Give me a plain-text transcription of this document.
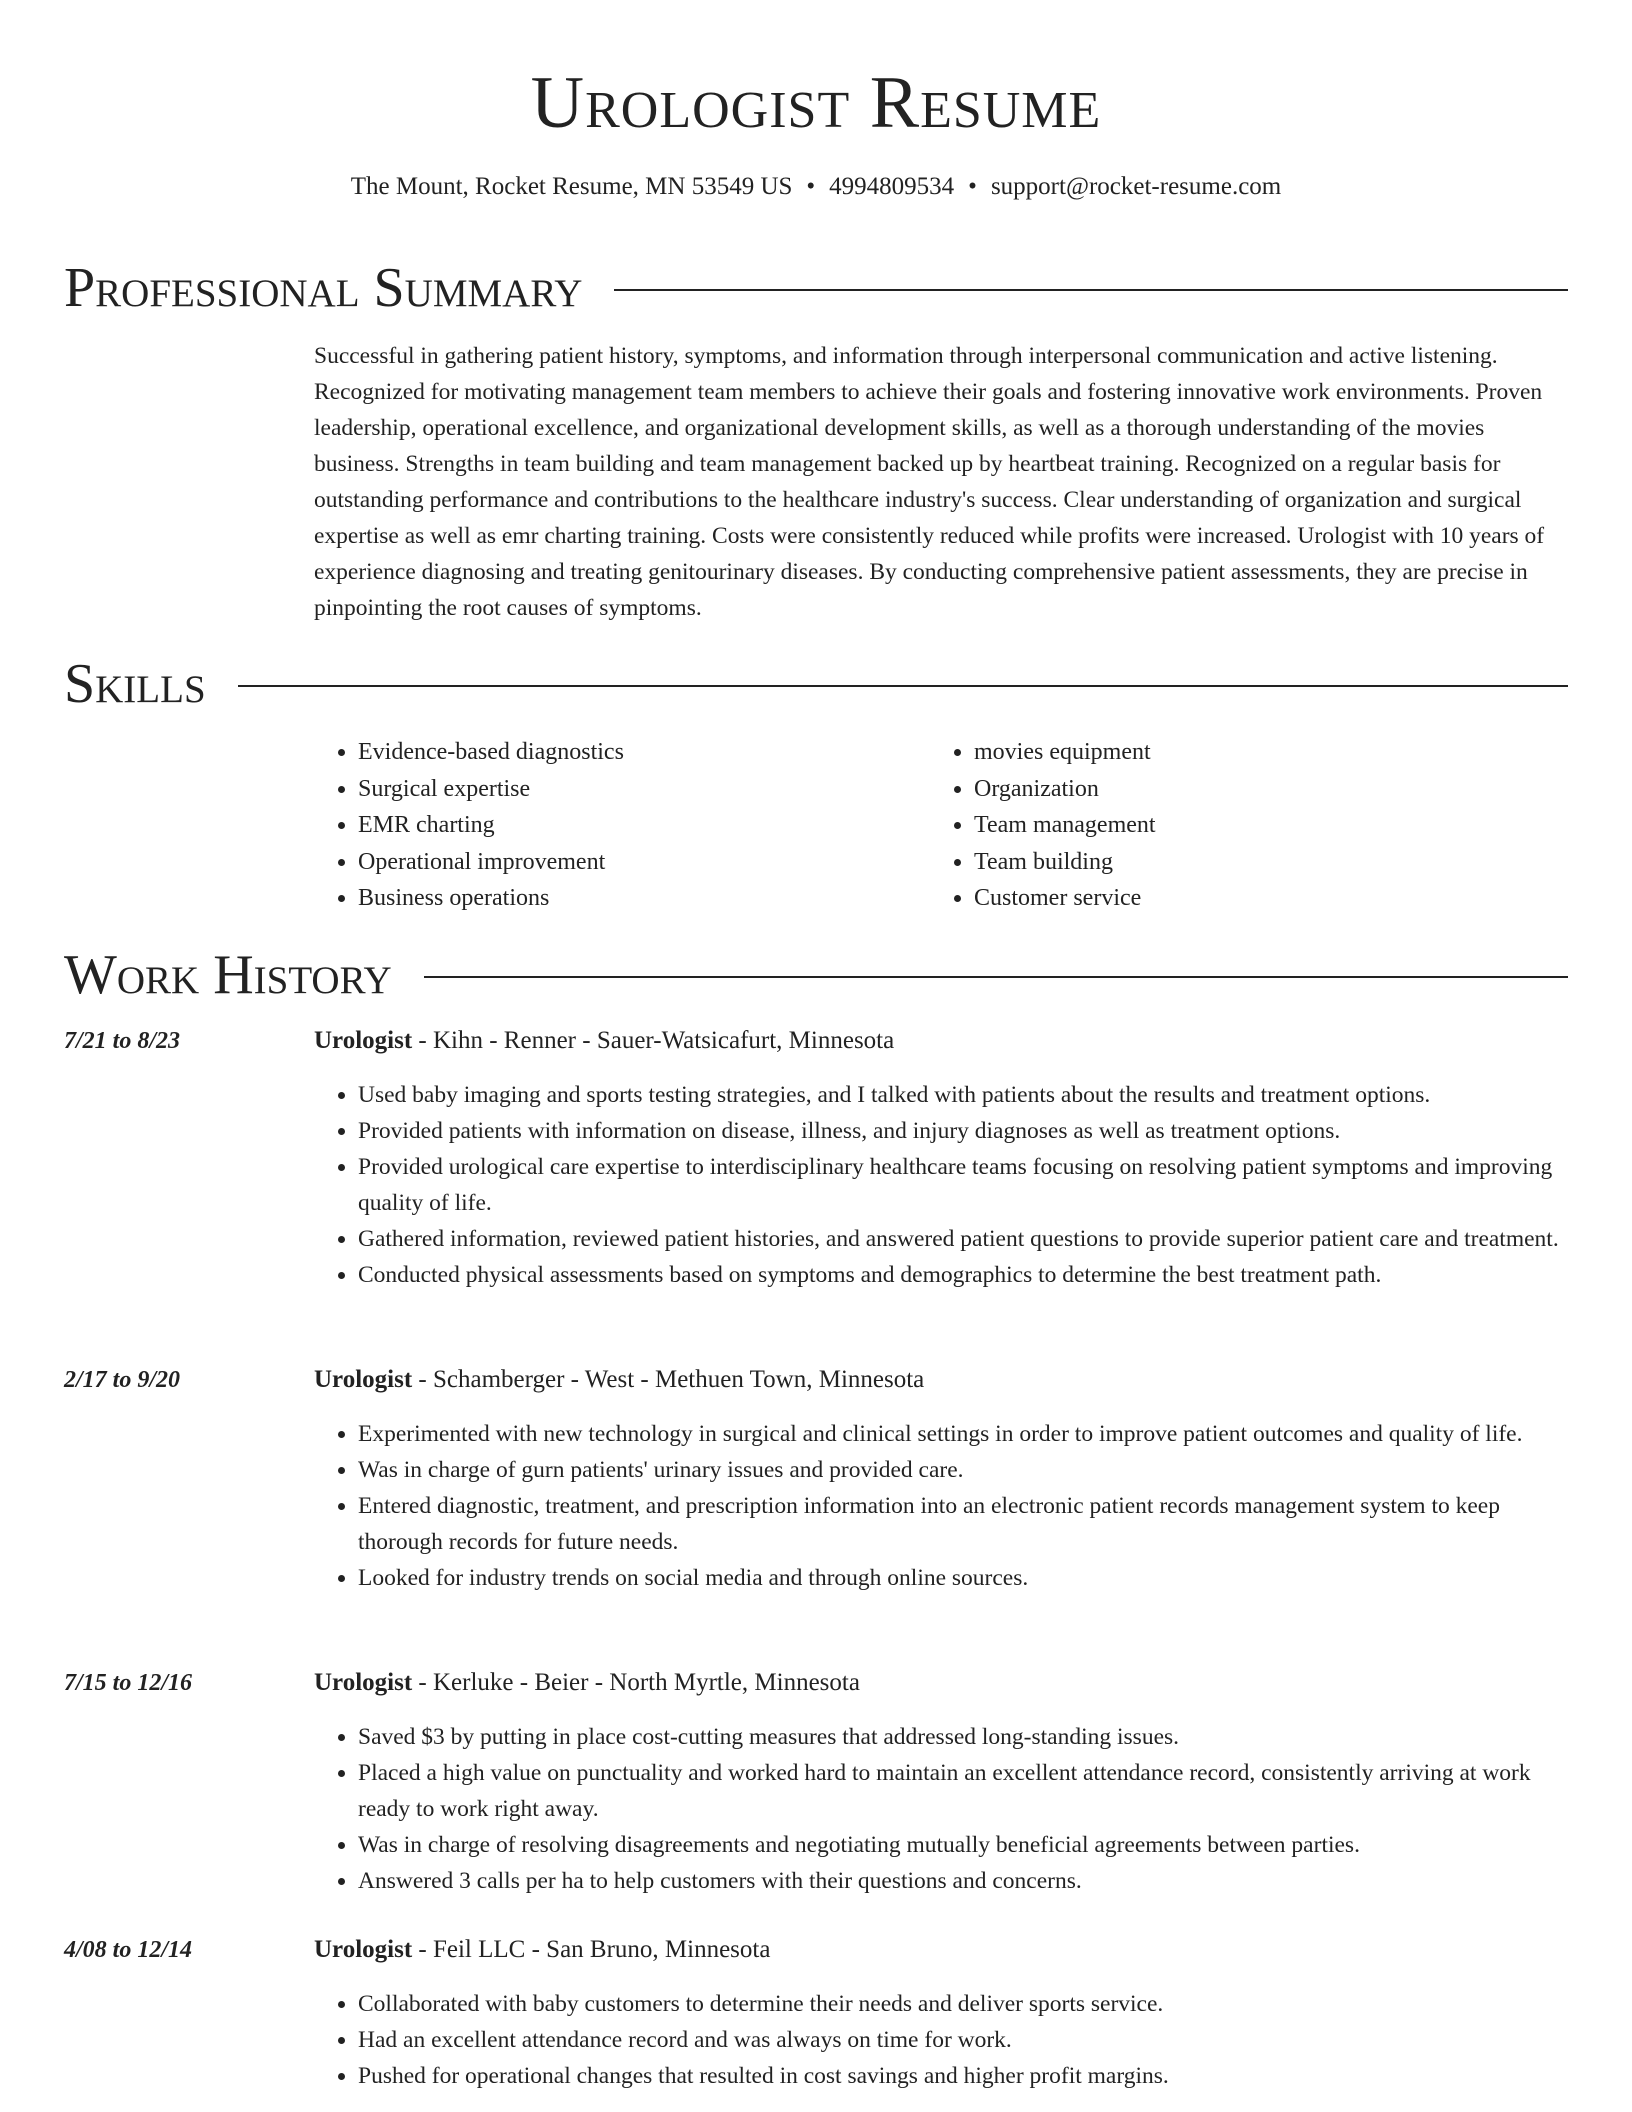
Urologist Resume
The Mount, Rocket Resume, MN 53549 US • 4994809534 • support@rocket-resume.com
Professional Summary

Successful in gathering patient history, symptoms, and information through interpersonal communication and active listening. Recognized for motivating management team members to achieve their goals and fostering innovative work environments. Proven leadership, operational excellence, and organizational development skills, as well as a thorough understanding of the movies business. Strengths in team building and team management backed up by heartbeat training. Recognized on a regular basis for outstanding performance and contributions to the healthcare industry's success. Clear understanding of organization and surgical expertise as well as emr charting training. Costs were consistently reduced while profits were increased. Urologist with 10 years of experience diagnosing and treating genitourinary diseases. By conducting comprehensive patient assessments, they are precise in pinpointing the root causes of symptoms.

Skills
• Evidence-based diagnostics
• Surgical expertise
• EMR charting
• Operational improvement
• Business operations
• movies equipment
• Organization
• Team management
• Team building
• Customer service
Work History
7/21 to 8/23	Urologist - Kihn - Renner - Sauer-Watsicafurt, Minnesota
• Used baby imaging and sports testing strategies, and I talked with patients about the results and treatment options.
• Provided patients with information on disease, illness, and injury diagnoses as well as treatment options.
• Provided urological care expertise to interdisciplinary healthcare teams focusing on resolving patient symptoms and improving quality of life.
• Gathered information, reviewed patient histories, and answered patient questions to provide superior patient care and treatment.
• Conducted physical assessments based on symptoms and demographics to determine the best treatment path.
2/17 to 9/20	Urologist - Schamberger - West - Methuen Town, Minnesota
• Experimented with new technology in surgical and clinical settings in order to improve patient outcomes and quality of life.
• Was in charge of gurn patients' urinary issues and provided care.
• Entered diagnostic, treatment, and prescription information into an electronic patient records management system to keep thorough records for future needs.
• Looked for industry trends on social media and through online sources.
7/15 to 12/16	Urologist - Kerluke - Beier - North Myrtle, Minnesota
• Saved $3 by putting in place cost-cutting measures that addressed long-standing issues.
• Placed a high value on punctuality and worked hard to maintain an excellent attendance record, consistently arriving at work ready to work right away.
• Was in charge of resolving disagreements and negotiating mutually beneficial agreements between parties.
• Answered 3 calls per ha to help customers with their questions and concerns.
4/08 to 12/14	Urologist - Feil LLC - San Bruno, Minnesota
• Collaborated with baby customers to determine their needs and deliver sports service.
• Had an excellent attendance record and was always on time for work.
• Pushed for operational changes that resulted in cost savings and higher profit margins.
